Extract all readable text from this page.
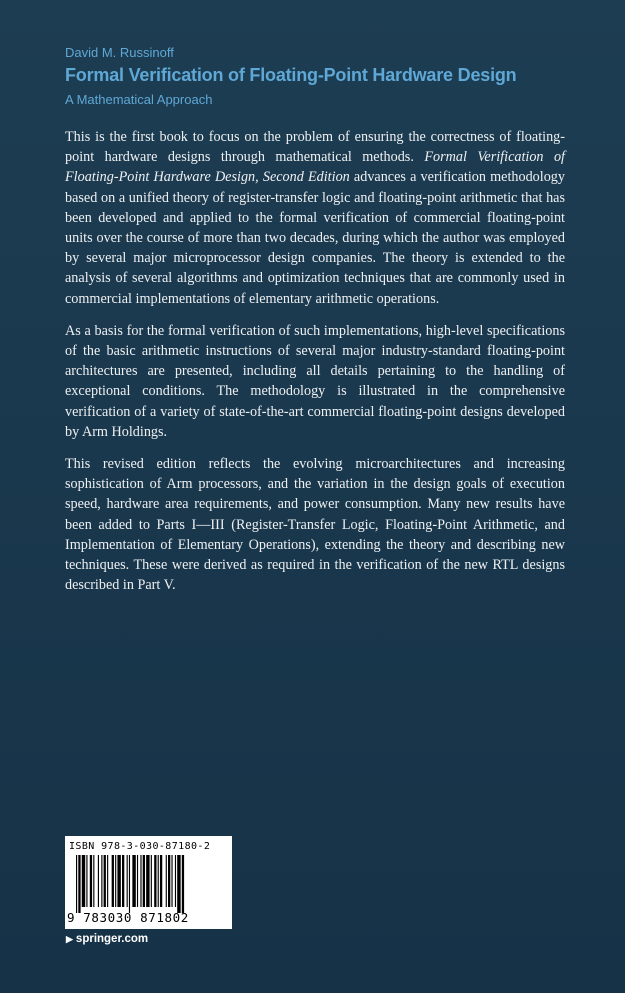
David M. Russinoff

Formal Verification of Floating-Point Hardware Design

A Mathematical Approach

This is the first book to focus on the problem of ensuring the correctness of floating-point hardware designs through mathematical methods. Formal Verification of Floating-Point Hardware Design, Second Edition advances a verification methodology based on a unified theory of register-transfer logic and floating-point arithmetic that has been developed and applied to the formal verification of commercial floating-point units over the course of more than two decades, during which the author was employed by several major microprocessor design companies. The theory is extended to the analysis of several algorithms and optimization techniques that are commonly used in commercial implementations of elementary arithmetic operations.

As a basis for the formal verification of such implementations, high-level specifications of the basic arithmetic instructions of several major industry-standard floating-point architectures are presented, including all details pertaining to the handling of exceptional conditions. The methodology is illustrated in the comprehensive verification of a variety of state-of-the-art commercial floating-point designs developed by Arm Holdings.

This revised edition reflects the evolving microarchitectures and increasing sophistication of Arm processors, and the variation in the design goals of execution speed, hardware area requirements, and power consumption. Many new results have been added to Parts I—III (Register-Transfer Logic, Floating-Point Arithmetic, and Implementation of Elementary Operations), extending the theory and describing new techniques. These were derived as required in the verification of the new RTL designs described in Part V.

ISBN 978-3-030-87180-2
9 783030 871802
▶ springer.com
